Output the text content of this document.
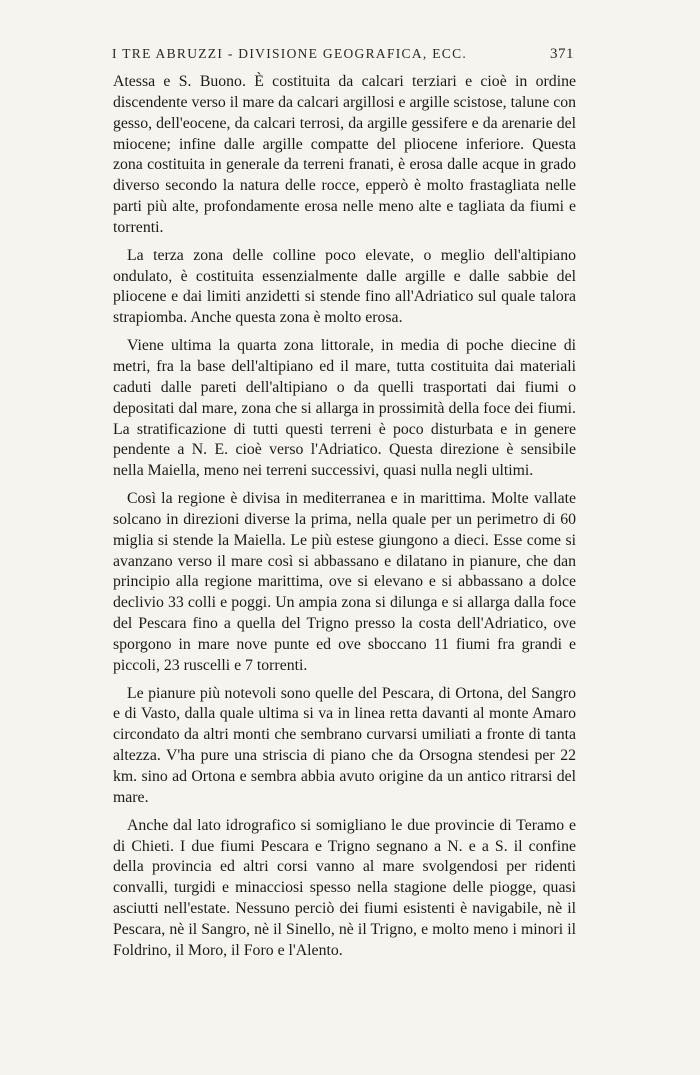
I TRE ABRUZZI - DIVISIONE GEOGRAFICA, ECC.	371

Atessa e S. Buono. È costituita da calcari terziari e cioè in ordine discendente verso il mare da calcari argillosi e argille scistose, talune con gesso, dell'eocene, da calcari terrosi, da argille gessifere e da arenarie del miocene; infine dalle argille compatte del pliocene inferiore. Questa zona costituita in generale da terreni franati, è erosa dalle acque in grado diverso secondo la natura delle rocce, epperò è molto frastagliata nelle parti più alte, profondamente erosa nelle meno alte e tagliata da fiumi e torrenti.

La terza zona delle colline poco elevate, o meglio dell'altipiano ondulato, è costituita essenzialmente dalle argille e dalle sabbie del pliocene e dai limiti anzidetti si stende fino all'Adriatico sul quale talora strapiomba. Anche questa zona è molto erosa.

Viene ultima la quarta zona littorale, in media di poche diecine di metri, fra la base dell'altipiano ed il mare, tutta costituita dai materiali caduti dalle pareti dell'altipiano o da quelli trasportati dai fiumi o depositati dal mare, zona che si allarga in prossimità della foce dei fiumi. La stratificazione di tutti questi terreni è poco disturbata e in genere pendente a N. E. cioè verso l'Adriatico. Questa direzione è sensibile nella Maiella, meno nei terreni successivi, quasi nulla negli ultimi.

Così la regione è divisa in mediterranea e in marittima. Molte vallate solcano in direzioni diverse la prima, nella quale per un perimetro di 60 miglia si stende la Maiella. Le più estese giungono a dieci. Esse come si avanzano verso il mare così si abbassano e dilatano in pianure, che dan principio alla regione marittima, ove si elevano e si abbassano a dolce declivio 33 colli e poggi. Un ampia zona si dilunga e si allarga dalla foce del Pescara fino a quella del Trigno presso la costa dell'Adriatico, ove sporgono in mare nove punte ed ove sboccano 11 fiumi fra grandi e piccoli, 23 ruscelli e 7 torrenti.

Le pianure più notevoli sono quelle del Pescara, di Ortona, del Sangro e di Vasto, dalla quale ultima si va in linea retta davanti al monte Amaro circondato da altri monti che sembrano curvarsi umiliati a fronte di tanta altezza. V'ha pure una striscia di piano che da Orsogna stendesi per 22 km. sino ad Ortona e sembra abbia avuto origine da un antico ritrarsi del mare.

Anche dal lato idrografico si somigliano le due provincie di Teramo e di Chieti. I due fiumi Pescara e Trigno segnano a N. e a S. il confine della provincia ed altri corsi vanno al mare svolgendosi per ridenti convalli, turgidi e minacciosi spesso nella stagione delle piogge, quasi asciutti nell'estate. Nessuno perciò dei fiumi esistenti è navigabile, nè il Pescara, nè il Sangro, nè il Sinello, nè il Trigno, e molto meno i minori il Foldrino, il Moro, il Foro e l'Alento.
